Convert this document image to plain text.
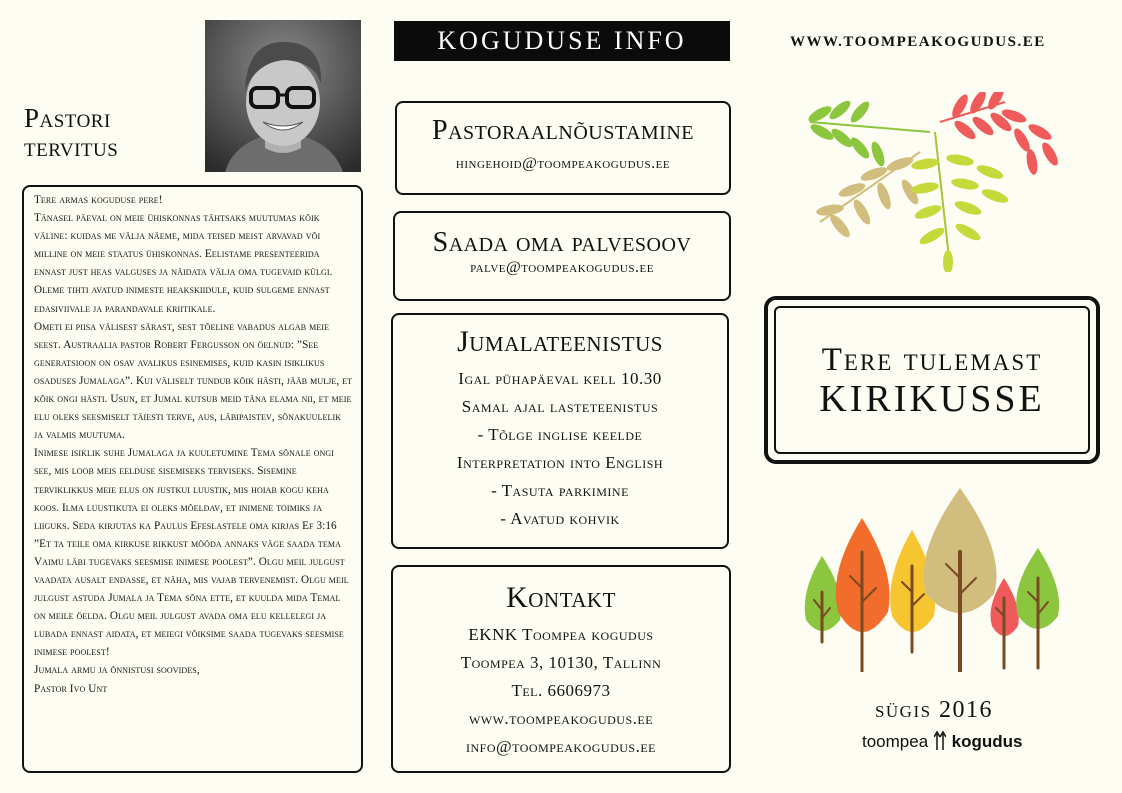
Pastori
tervitus

Tere armas koguduse pere!

Tänasel päeval on meie ühiskonnas tähtsaks muutumas kõik väline: kuidas me välja näeme, mida teised meist arvavad või milline on meie staatus ühiskonnas. Eelistame presenteerida ennast just heas valguses ja näidata välja oma tugevaid külgi. Oleme tihti avatud inimeste heakskiidule, kuid sulgeme ennast edasiviivale ja parandavale kriitikale.

Ometi ei piisa välisest särast, sest tõeline vabadus algab meie seest. Austraalia pastor Robert Fergusson on öelnud: ”See generatsioon on osav avalikus esinemises, kuid kasin isiklikus osaduses Jumalaga”. Kui väliselt tundub kõik hästi, jääb mulje, et kõik ongi hästi. Usun, et Jumal kutsub meid täna elama nii, et meie elu oleks seesmiselt täiesti terve, aus, läbipaistev, sõnakuulelik ja valmis muutuma.

Inimese isiklik suhe Jumalaga ja kuuletumine Tema sõnale ongi see, mis loob meis eelduse sisemiseks terviseks. Sisemine terviklikkus meie elus on justkui luustik, mis hoiab kogu keha koos. Ilma luustikuta ei oleks mõeldav, et inimene toimiks ja liiguks. Seda kirjutas ka Paulus Efeslastele oma kirjas Ef 3:16 ”Et ta teile oma kirkuse rikkust mööda annaks väge saada tema Vaimu läbi tugevaks seesmise inimese poolest”. Olgu meil julgust vaadata ausalt endasse, et näha, mis vajab tervenemist. Olgu meil julgust astuda Jumala ja Tema sõna ette, et kuulda mida Temal on meile öelda. Olgu meil julgust avada oma elu kellelegi ja lubada ennast aidata, et meiegi võiksime saada tugevaks seesmise inimese poolest!

Jumala armu ja õnnistusi soovides,

Pastor Ivo Unt

KOGUDUSE INFO
Pastoraalnõustamine
hingehoid@toompeakogudus.ee
Saada oma palvesoov
palve@toompeakogudus.ee
Jumalateenistus
Igal pühapäeval kell 10.30
Samal ajal lasteteenistus
- Tõlge inglise keelde
Interpretation into English
- Tasuta parkimine
- Avatud kohvik
Kontakt
EKNK Toompea kogudus
Toompea 3, 10130, Tallinn
Tel. 6606973
www.toompeakogudus.ee
info@toompeakogudus.ee
WWW.TOOMPEAKOGUDUS.EE
Tere tulemast
KIRIKUSSE
sügis 2016
toompea kogudus
